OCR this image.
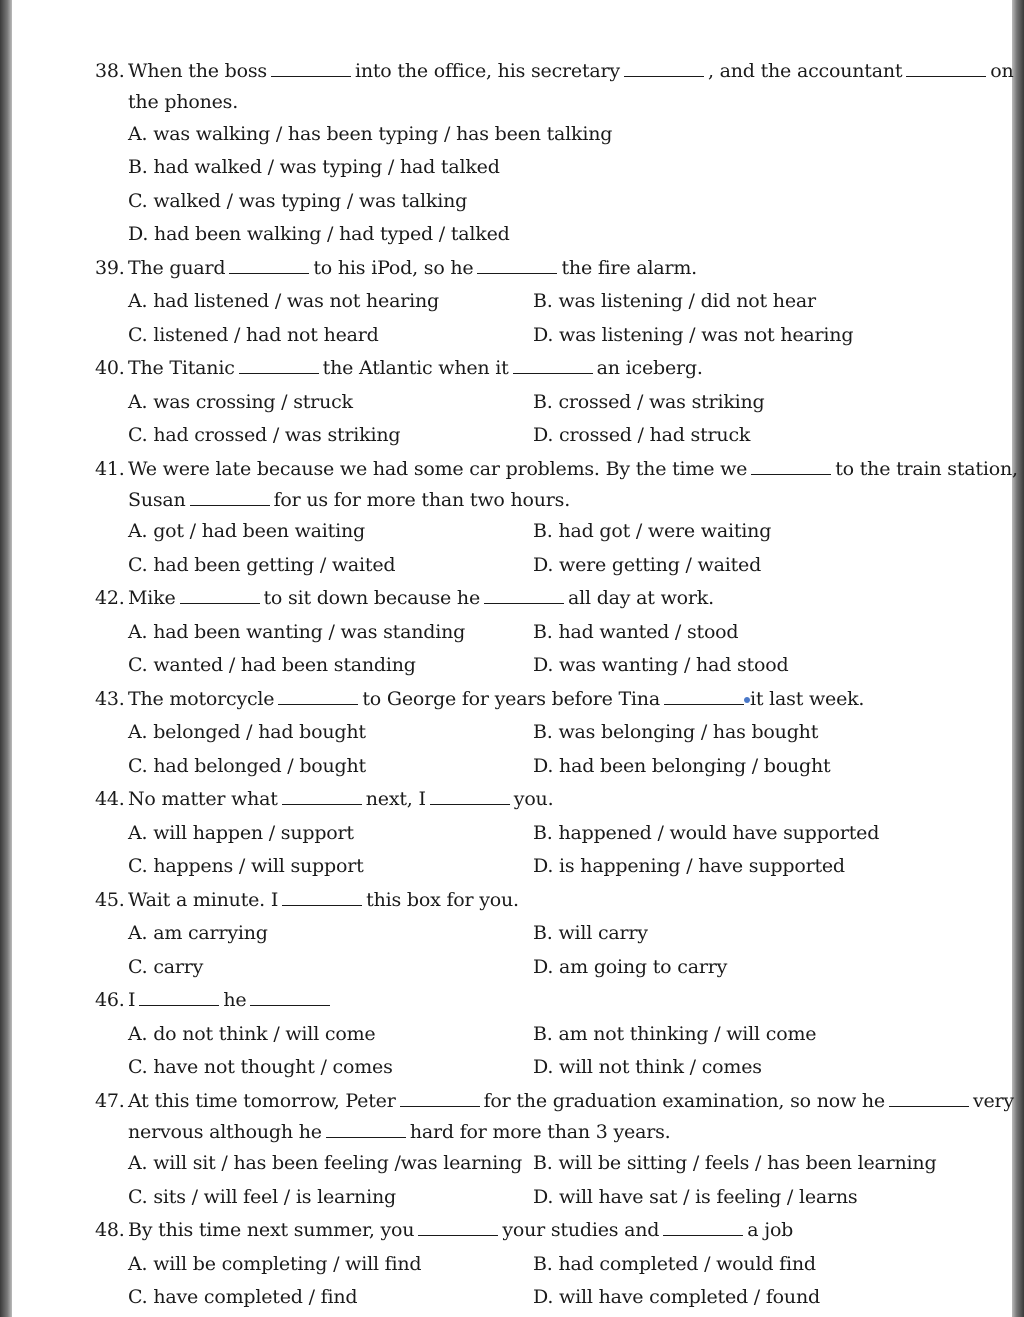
38. When the boss	into the office, his secretary	, and the accountant	on
the phones.
A. was walking / has been typing / has been talking
B. had walked / was typing / had talked
C. walked / was typing / was talking
D. had been walking / had typed / talked
39. The guard	to his iPod, so he	the fire alarm.
A. had listened / was not hearing	B. was listening / did not hear
C. listened / had not heard	D. was listening / was not hearing
40. The Titanic	the Atlantic when it	an iceberg.
A. was crossing / struck	B. crossed / was striking
C. had crossed / was striking	D. crossed / had struck
41. We were late because we had some car problems. By the time we	to the train station,
Susan	for us for more than two hours.
A. got / had been waiting	B. had got / were waiting
C. had been getting / waited	D. were getting / waited
42. Mike	to sit down because he	all day at work.
A. had been wanting / was standing	B. had wanted / stood
C. wanted / had been standing	D. was wanting / had stood
43. The motorcycle	to George for years before Tina	it last week.
A. belonged / had bought	B. was belonging / has bought
C. had belonged / bought	D. had been belonging / bought
44. No matter what	next, I	you.
A. will happen / support	B. happened / would have supported
C. happens / will support	D. is happening / have supported
45. Wait a minute. I	this box for you.
A. am carrying	B. will carry
C. carry	D. am going to carry
46. I	he
A. do not think / will come	B. am not thinking / will come
C. have not thought / comes	D. will not think / comes
47. At this time tomorrow, Peter	for the graduation examination, so now he	very
nervous although he	hard for more than 3 years.
A. will sit / has been feeling /was learning B. will be sitting / feels / has been learning
C. sits / will feel / is learning	D. will have sat / is feeling / learns
48. By this time next summer, you	your studies and	a job
A. will be completing / will find	B. had completed / would find
C. have completed / find	D. will have completed / found
